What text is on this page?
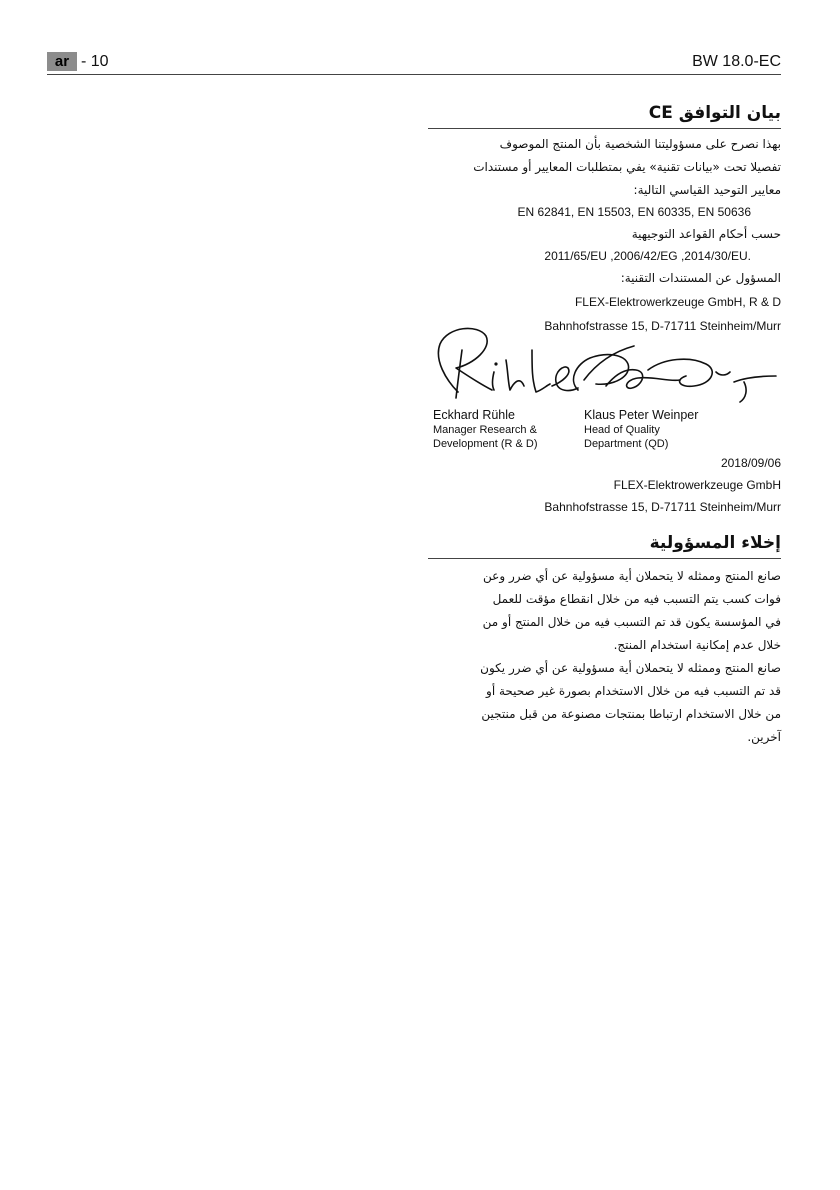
ar - 10	BW 18.0-EC
بيان التوافق CE

بهذا نصرح على مسؤوليتنا الشخصية بأن المنتج الموصوف

تفصيلا تحت «بيانات تقنية» يفي بمتطلبات المعايير أو مستندات

معايير التوحيد القياسي التالية:

EN 62841, EN 15503, EN 60335, EN 50636

حسب أحكام القواعد التوجيهية

2011/65/EU ,2006/42/EG ,2014/30/EU.

المسؤول عن المستندات التقنية:

FLEX-Elektrowerkzeuge GmbH, R & D

Bahnhofstrasse 15, D-71711 Steinheim/Murr

Eckhard Rühle
Manager Research &
Development (R & D)
Klaus Peter Weinper
Head of Quality
Department (QD)

2018/09/06

FLEX-Elektrowerkzeuge GmbH

Bahnhofstrasse 15, D-71711 Steinheim/Murr

إخلاء المسؤولية

صانع المنتج وممثله لا يتحملان أية مسؤولية عن أي ضرر وعن

فوات كسب يتم التسبب فيه من خلال انقطاع مؤقت للعمل

في المؤسسة يكون قد تم التسبب فيه من خلال المنتج أو من

خلال عدم إمكانية استخدام المنتج.

صانع المنتج وممثله لا يتحملان أية مسؤولية عن أي ضرر يكون

قد تم التسبب فيه من خلال الاستخدام بصورة غير صحيحة أو

من خلال الاستخدام ارتباطا بمنتجات مصنوعة من قبل منتجين

آخرين.
